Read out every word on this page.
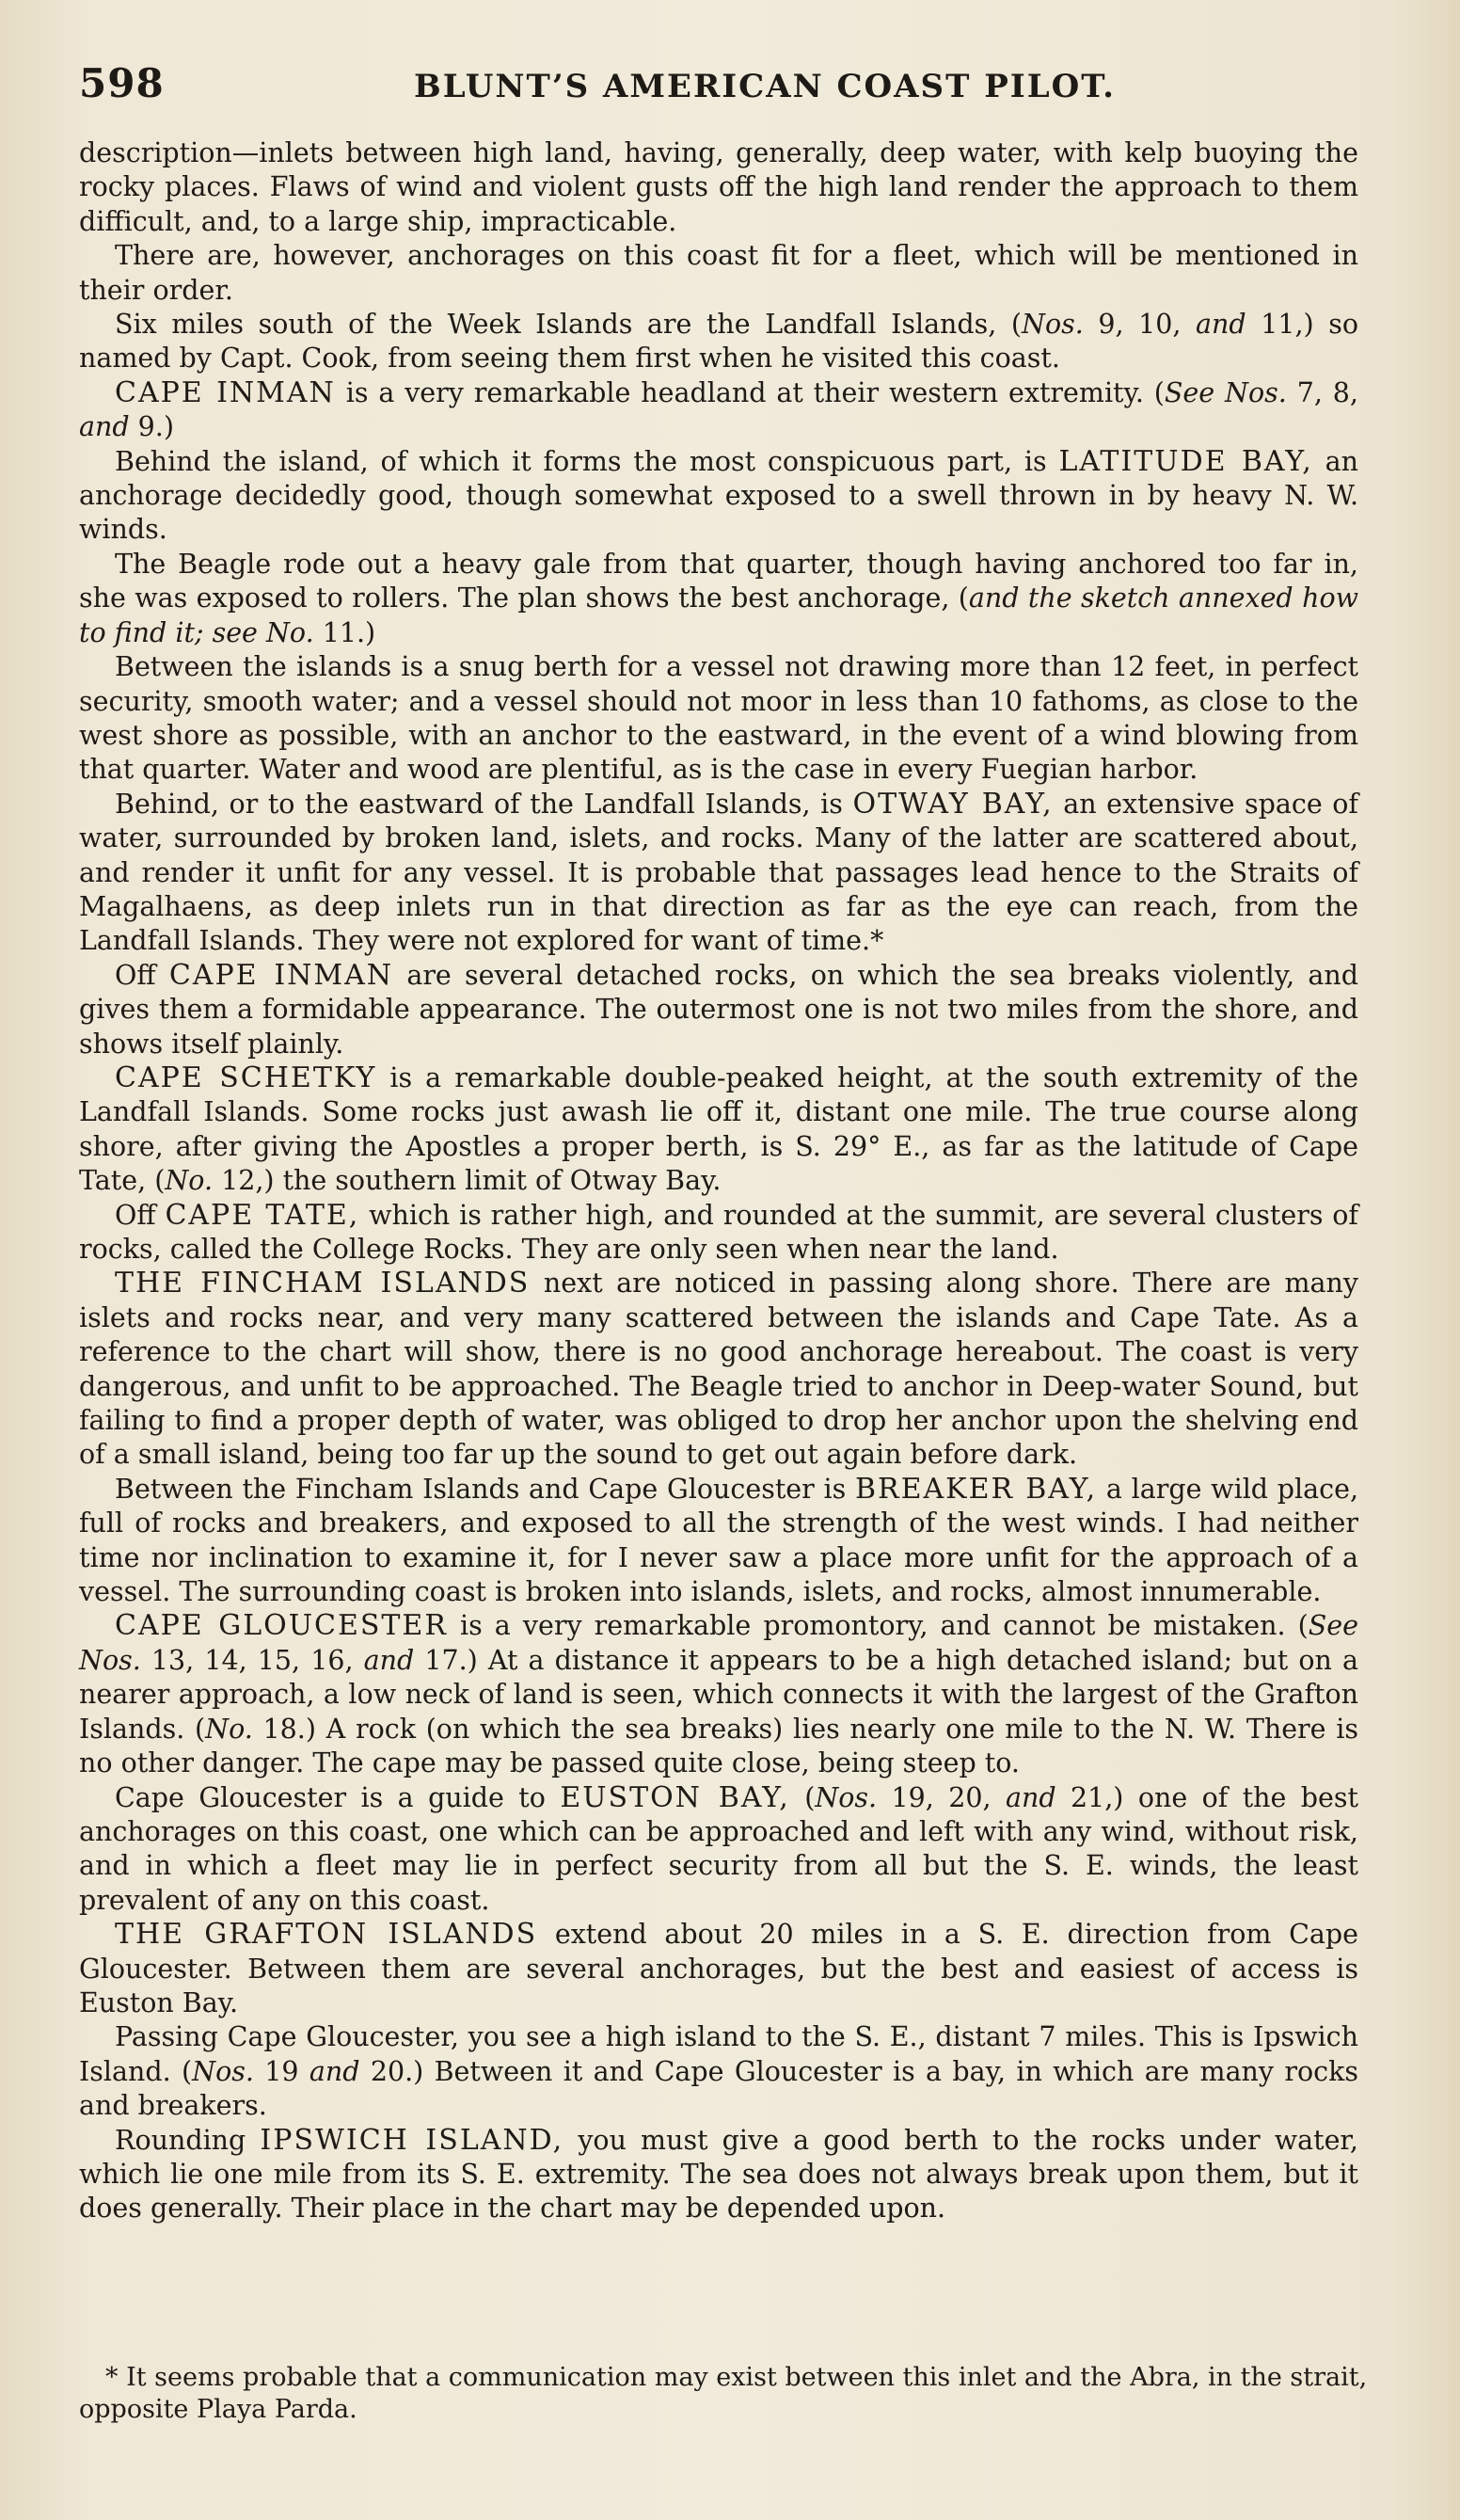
598	BLUNT’S AMERICAN COAST PILOT.

description—inlets between high land, having, generally, deep water, with kelp buoying the rocky places. Flaws of wind and violent gusts off the high land render the approach to them difficult, and, to a large ship, impracticable.

There are, however, anchorages on this coast fit for a fleet, which will be mentioned in their order.

Six miles south of the Week Islands are the Landfall Islands, (Nos. 9, 10, and 11,) so named by Capt. Cook, from seeing them first when he visited this coast.

CAPE INMAN is a very remarkable headland at their western extremity. (See Nos. 7, 8, and 9.)

Behind the island, of which it forms the most conspicuous part, is LATITUDE BAY, an anchorage decidedly good, though somewhat exposed to a swell thrown in by heavy N. W. winds.

The Beagle rode out a heavy gale from that quarter, though having anchored too far in, she was exposed to rollers. The plan shows the best anchorage, (and the sketch annexed how to find it; see No. 11.)

Between the islands is a snug berth for a vessel not drawing more than 12 feet, in perfect security, smooth water; and a vessel should not moor in less than 10 fathoms, as close to the west shore as possible, with an anchor to the eastward, in the event of a wind blowing from that quarter. Water and wood are plentiful, as is the case in every Fuegian harbor.

Behind, or to the eastward of the Landfall Islands, is OTWAY BAY, an extensive space of water, surrounded by broken land, islets, and rocks. Many of the latter are scattered about, and render it unfit for any vessel. It is probable that passages lead hence to the Straits of Magalhaens, as deep inlets run in that direction as far as the eye can reach, from the Landfall Islands. They were not explored for want of time.*

Off CAPE INMAN are several detached rocks, on which the sea breaks violently, and gives them a formidable appearance. The outermost one is not two miles from the shore, and shows itself plainly.

CAPE SCHETKY is a remarkable double-peaked height, at the south extremity of the Landfall Islands. Some rocks just awash lie off it, distant one mile. The true course along shore, after giving the Apostles a proper berth, is S. 29° E., as far as the latitude of Cape Tate, (No. 12,) the southern limit of Otway Bay.

Off CAPE TATE, which is rather high, and rounded at the summit, are several clusters of rocks, called the College Rocks. They are only seen when near the land.

THE FINCHAM ISLANDS next are noticed in passing along shore. There are many islets and rocks near, and very many scattered between the islands and Cape Tate. As a reference to the chart will show, there is no good anchorage hereabout. The coast is very dangerous, and unfit to be approached. The Beagle tried to anchor in Deep-water Sound, but failing to find a proper depth of water, was obliged to drop her anchor upon the shelving end of a small island, being too far up the sound to get out again before dark.

Between the Fincham Islands and Cape Gloucester is BREAKER BAY, a large wild place, full of rocks and breakers, and exposed to all the strength of the west winds. I had neither time nor inclination to examine it, for I never saw a place more unfit for the approach of a vessel. The surrounding coast is broken into islands, islets, and rocks, almost innumerable.

CAPE GLOUCESTER is a very remarkable promontory, and cannot be mistaken. (See Nos. 13, 14, 15, 16, and 17.) At a distance it appears to be a high detached island; but on a nearer approach, a low neck of land is seen, which connects it with the largest of the Grafton Islands. (No. 18.) A rock (on which the sea breaks) lies nearly one mile to the N. W. There is no other danger. The cape may be passed quite close, being steep to.

Cape Gloucester is a guide to EUSTON BAY, (Nos. 19, 20, and 21,) one of the best anchorages on this coast, one which can be approached and left with any wind, without risk, and in which a fleet may lie in perfect security from all but the S. E. winds, the least prevalent of any on this coast.

THE GRAFTON ISLANDS extend about 20 miles in a S. E. direction from Cape Gloucester. Between them are several anchorages, but the best and easiest of access is Euston Bay.

Passing Cape Gloucester, you see a high island to the S. E., distant 7 miles. This is Ipswich Island. (Nos. 19 and 20.) Between it and Cape Gloucester is a bay, in which are many rocks and breakers.

Rounding IPSWICH ISLAND, you must give a good berth to the rocks under water, which lie one mile from its S. E. extremity. The sea does not always break upon them, but it does generally. Their place in the chart may be depended upon.

* It seems probable that a communication may exist between this inlet and the Abra, in the strait, opposite Playa Parda.
